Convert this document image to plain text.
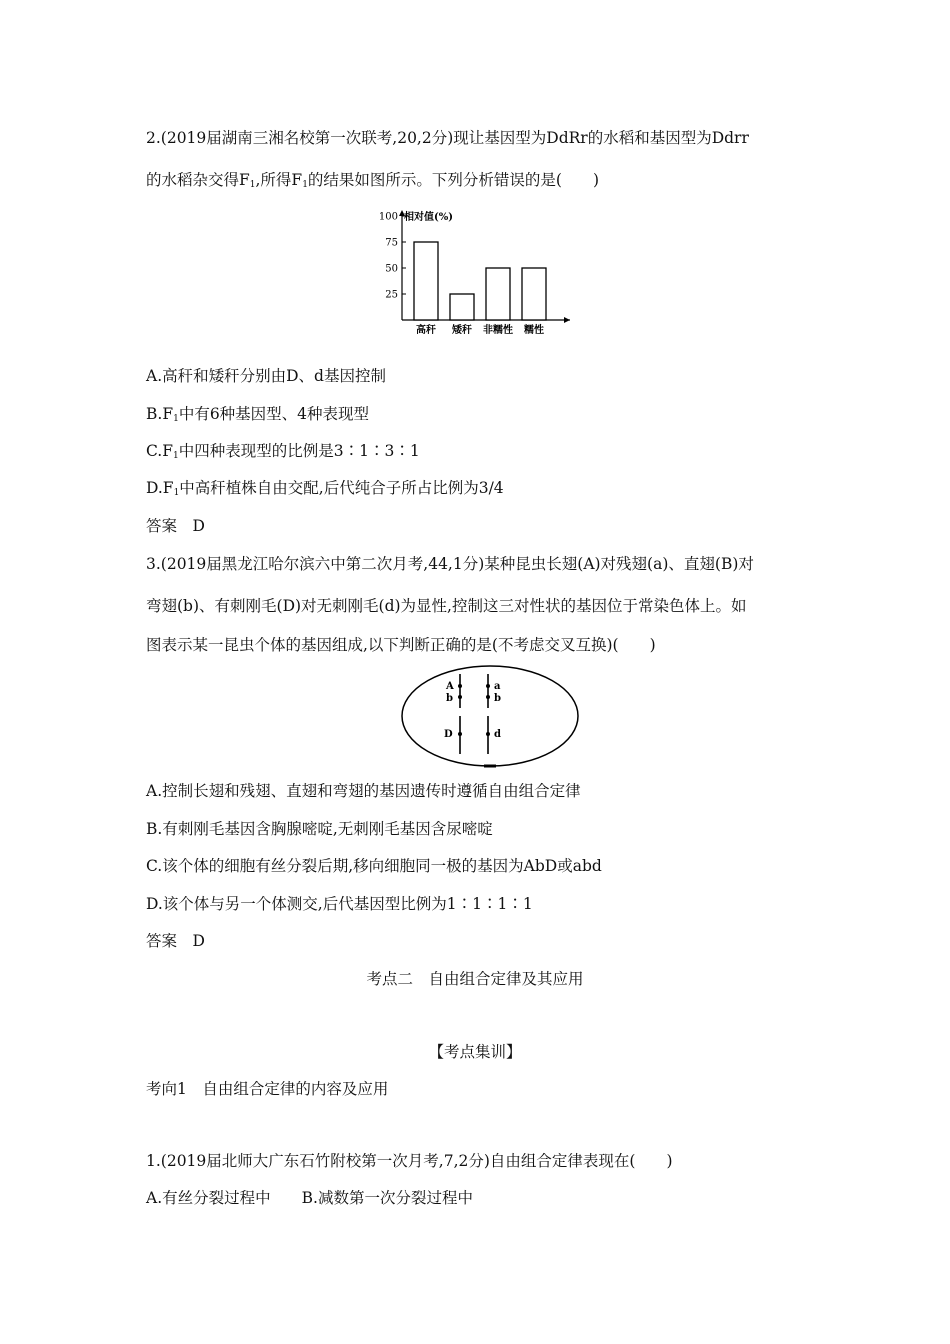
2.(2019届湖南三湘名校第一次联考,20,2分)现让基因型为DdRr的水稻和基因型为Ddrr
的水稻杂交得$F_1$,所得$F_1$的结果如图所示。下列分析错误的是(　　)
100
75
50
25
高秆 矮秆 非糯性 糯性
相对值(%)
A.高秆和矮秆分别由D、d基因控制
$B.F_1$中有6种基因型、4种表现型
$C.F_1$中四种表现型的比例是3∶1∶3∶1
$D.F_1$中高秆植株自由交配,后代纯合子所占比例为3/4
答案　D
3.(2019届黑龙江哈尔滨六中第二次月考,44,1分)某种昆虫长翅(A)对残翅(a)、直翅(B)对
弯翅(b)、有刺刚毛(D)对无刺刚毛(d)为显性,控制这三对性状的基因位于常染色体上。如
图表示某一昆虫个体的基因组成,以下判断正确的是(不考虑交叉互换)(　　)
A
b
D
a
b
d
A.控制长翅和残翅、直翅和弯翅的基因遗传时遵循自由组合定律
B.有刺刚毛基因含胸腺嘧啶,无刺刚毛基因含尿嘧啶
C.该个体的细胞有丝分裂后期,移向细胞同一极的基因为AbD或abd
D.该个体与另一个体测交,后代基因型比例为1∶1∶1∶1
答案　D
考点二　自由组合定律及其应用
【考点集训】
考向1　自由组合定律的内容及应用
1.(2019届北师大广东石竹附校第一次月考,7,2分)自由组合定律表现在(　　)
A.有丝分裂过程中　　B.减数第一次分裂过程中
